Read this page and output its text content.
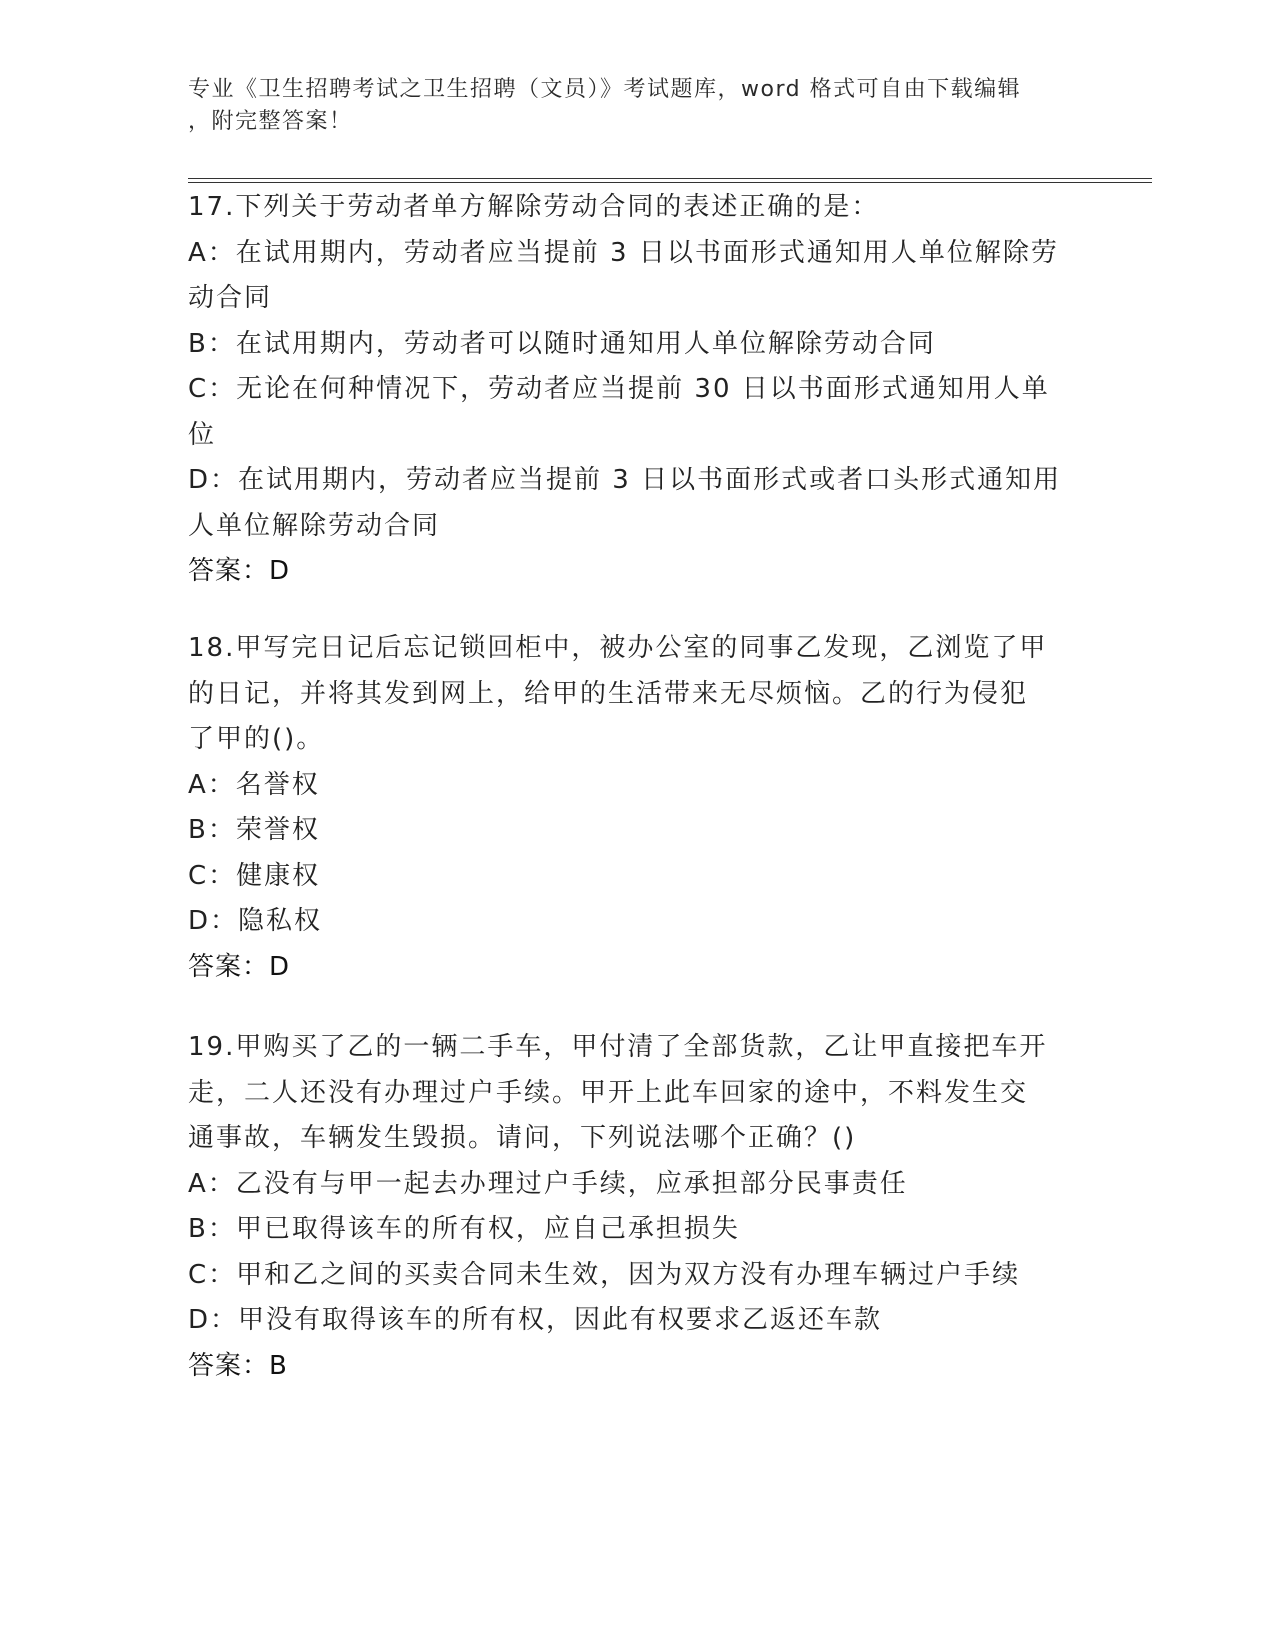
专业《卫生招聘考试之卫生招聘（文员）》考试题库，word 格式可自由下载编辑
，附完整答案！
17.下列关于劳动者单方解除劳动合同的表述正确的是：
A：在试用期内，劳动者应当提前 3 日以书面形式通知用人单位解除劳
动合同
B：在试用期内，劳动者可以随时通知用人单位解除劳动合同
C：无论在何种情况下，劳动者应当提前 30 日以书面形式通知用人单
位
D：在试用期内，劳动者应当提前 3 日以书面形式或者口头形式通知用
人单位解除劳动合同
答案：D
18.甲写完日记后忘记锁回柜中，被办公室的同事乙发现，乙浏览了甲
的日记，并将其发到网上，给甲的生活带来无尽烦恼。乙的行为侵犯
了甲的()。
A：名誉权
B：荣誉权
C：健康权
D：隐私权
答案：D
19.甲购买了乙的一辆二手车，甲付清了全部货款，乙让甲直接把车开
走，二人还没有办理过户手续。甲开上此车回家的途中，不料发生交
通事故，车辆发生毁损。请问，下列说法哪个正确？()
A：乙没有与甲一起去办理过户手续，应承担部分民事责任
B：甲已取得该车的所有权，应自己承担损失
C：甲和乙之间的买卖合同未生效，因为双方没有办理车辆过户手续
D：甲没有取得该车的所有权，因此有权要求乙返还车款
答案：B
